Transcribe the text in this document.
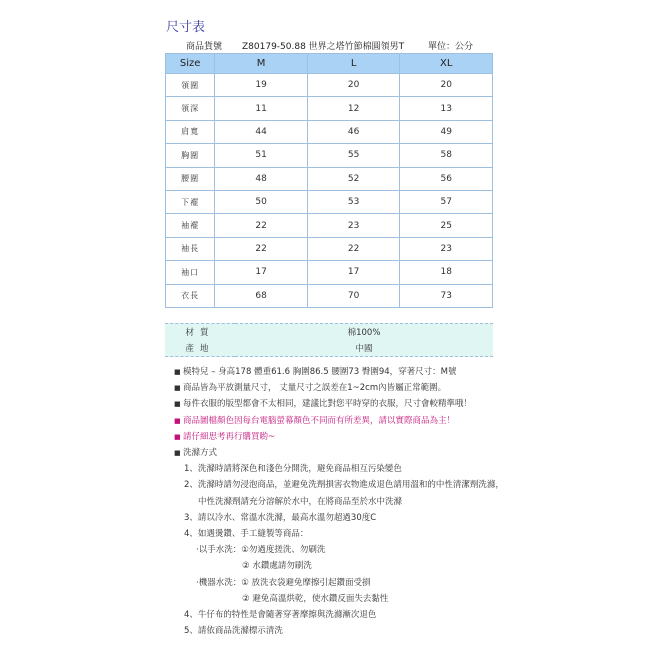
尺寸表
商品貨號 Z80179-50.88 世界之塔竹節棉圓領男T	單位：公分
Size	M	L	XL
領圍	19	20	20
領深	11	12	13
肩寬	44	46	49
胸圍	51	55	58
腰圍	48	52	56
下襬	50	53	57
袖襬	22	23	25
袖長	22	22	23
袖口	17	17	18
衣長	68	70	73
材質	棉100%
產地	中國
■ 模特兒 – 身高178 體重61.6 胸圍86.5 腰圍73 臀圍94，穿著尺寸：M號
■ 商品皆為平放測量尺寸， 丈量尺寸之誤差在1~2cm內皆屬正常範圍。
■ 每件衣服的版型都會不太相同，建議比對您平時穿的衣服，尺寸會較精準哦！
■ 商品圖檔顏色因每台電腦螢幕顏色不同而有所差異，請以實際商品為主！
■ 請仔細思考再行購買喲~
■ 洗滌方式
1、洗滌時請將深色和淺色分開洗，避免商品相互污染變色
2、洗滌時請勿浸泡商品，並避免洗劑損害衣物進成退色請用溫和的中性清潔劑洗滌，
中性洗滌劑請充分溶解於水中，在將商品至於水中洗滌
3、請以冷水、常溫水洗滌，最高水溫勿超過30度C
4、如遇燙鑽、手工縫製等商品：
‧以手水洗：①勿過度搓洗、勿刷洗
② 水鑽處請勿刷洗
‧機器水洗：① 放洗衣袋避免摩擦引起鑽面受損
② 避免高溫烘乾，使水鑽反面失去黏性
4、牛仔布的特性是會隨著穿著摩擦與洗滌漸次退色
5、請依商品洗滌標示清洗
